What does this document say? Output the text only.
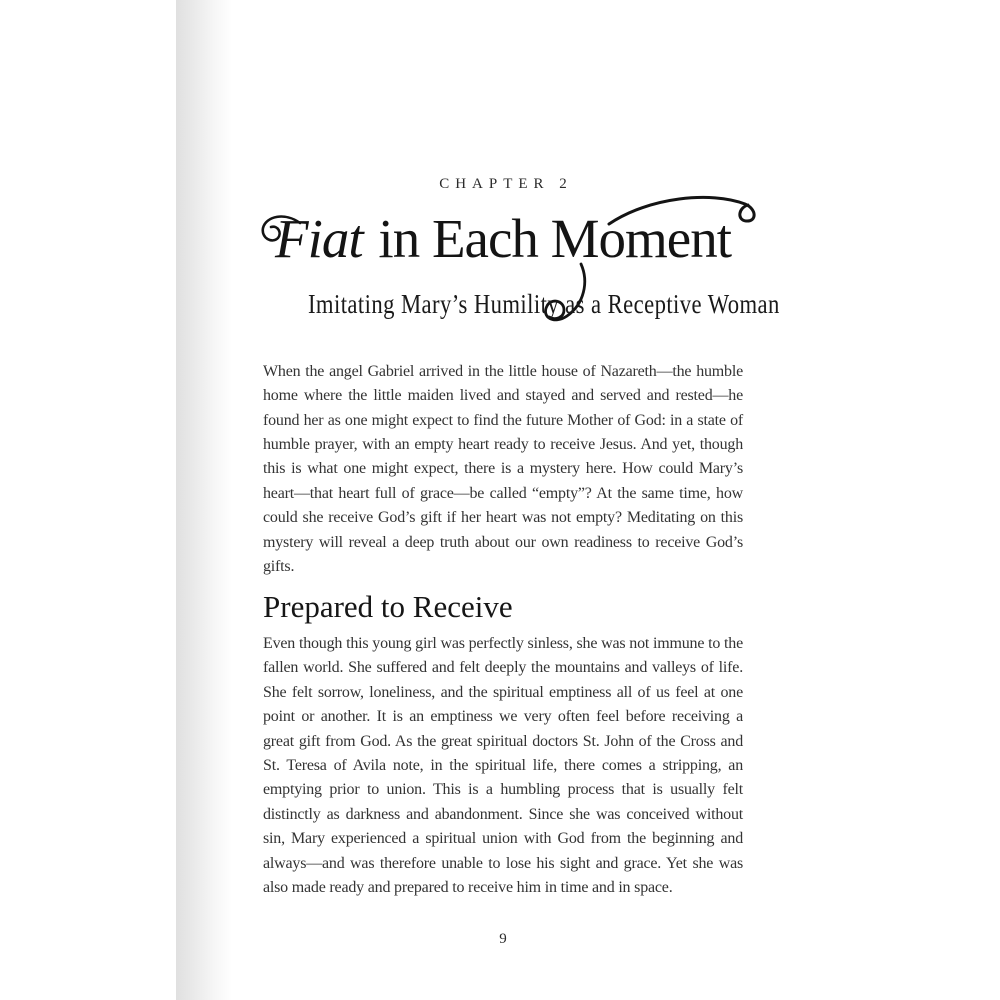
CHAPTER 2
Fiat in Each Moment
Imitating Mary’s Humility as a Receptive Woman

When the angel Gabriel arrived in the little house of Nazareth—the humble home where the little maiden lived and stayed and served and rested—he found her as one might expect to find the future Mother of God: in a state of humble prayer, with an empty heart ready to receive Jesus. And yet, though this is what one might expect, there is a mystery here. How could Mary’s heart—that heart full of grace—be called “empty”? At the same time, how could she receive God’s gift if her heart was not empty? Meditating on this mystery will reveal a deep truth about our own readiness to receive God’s gifts.

Prepared to Receive

Even though this young girl was perfectly sinless, she was not immune to the fallen world. She suffered and felt deeply the mountains and valleys of life. She felt sorrow, loneliness, and the spiritual emptiness all of us feel at one point or another. It is an emptiness we very often feel before receiving a great gift from God. As the great spiritual doctors St. John of the Cross and St. Teresa of Avila note, in the spiritual life, there comes a stripping, an emptying prior to union. This is a humbling process that is usually felt distinctly as darkness and abandonment. Since she was conceived without sin, Mary experienced a spiritual union with God from the beginning and always—and was therefore unable to lose his sight and grace. Yet she was also made ready and prepared to receive him in time and in space.

9
